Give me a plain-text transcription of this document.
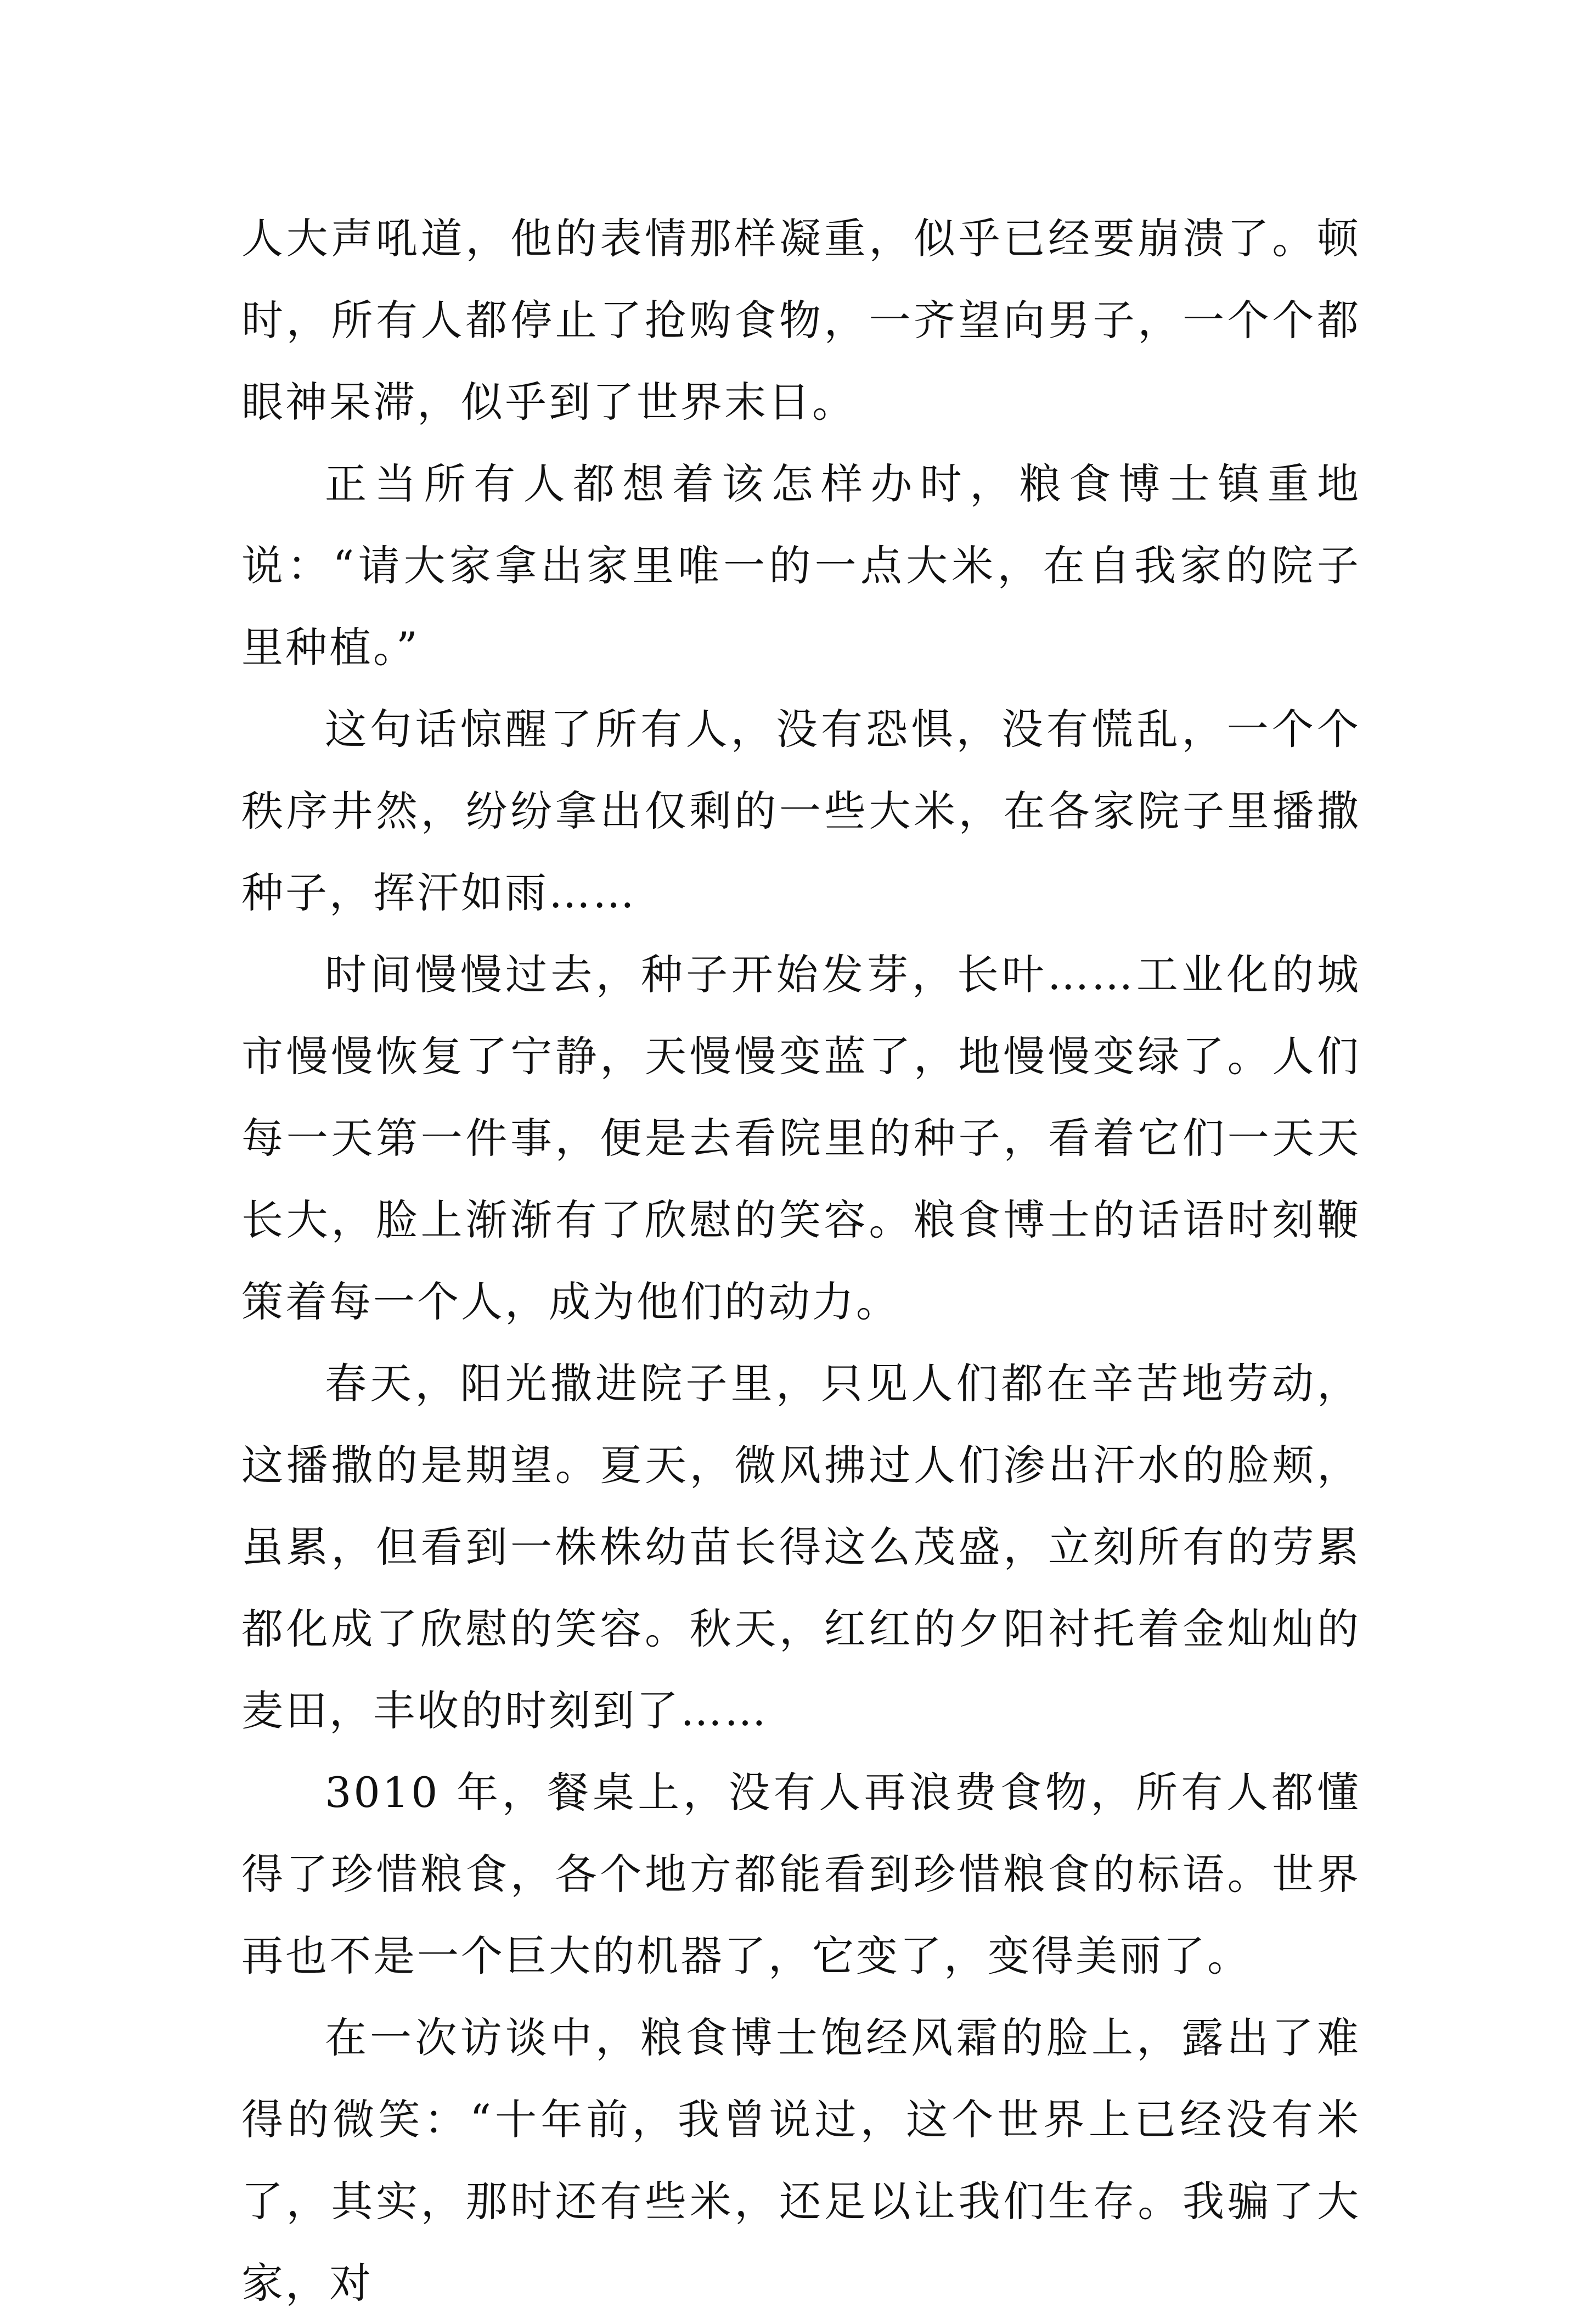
人大声吼道，他的表情那样凝重，似乎已经要崩溃了。顿时，所有人都停止了抢购食物，一齐望向男子，一个个都眼神呆滞，似乎到了世界末日。

正当所有人都想着该怎样办时，粮食博士镇重地说：“请大家拿出家里唯一的一点大米，在自我家的院子里种植。”

这句话惊醒了所有人，没有恐惧，没有慌乱，一个个秩序井然，纷纷拿出仅剩的一些大米，在各家院子里播撒种子，挥汗如雨……

时间慢慢过去，种子开始发芽，长叶……工业化的城市慢慢恢复了宁静，天慢慢变蓝了，地慢慢变绿了。人们每一天第一件事，便是去看院里的种子，看着它们一天天长大，脸上渐渐有了欣慰的笑容。粮食博士的话语时刻鞭策着每一个人，成为他们的动力。

春天，阳光撒进院子里，只见人们都在辛苦地劳动，这播撒的是期望。夏天，微风拂过人们渗出汗水的脸颊，虽累，但看到一株株幼苗长得这么茂盛，立刻所有的劳累都化成了欣慰的笑容。秋天，红红的夕阳衬托着金灿灿的麦田，丰收的时刻到了……

3010 年，餐桌上，没有人再浪费食物，所有人都懂得了珍惜粮食，各个地方都能看到珍惜粮食的标语。世界再也不是一个巨大的机器了，它变了，变得美丽了。

在一次访谈中，粮食博士饱经风霜的脸上，露出了难得的微笑：“十年前，我曾说过，这个世界上已经没有米了，其实，那时还有些米，还足以让我们生存。我骗了大家，对
